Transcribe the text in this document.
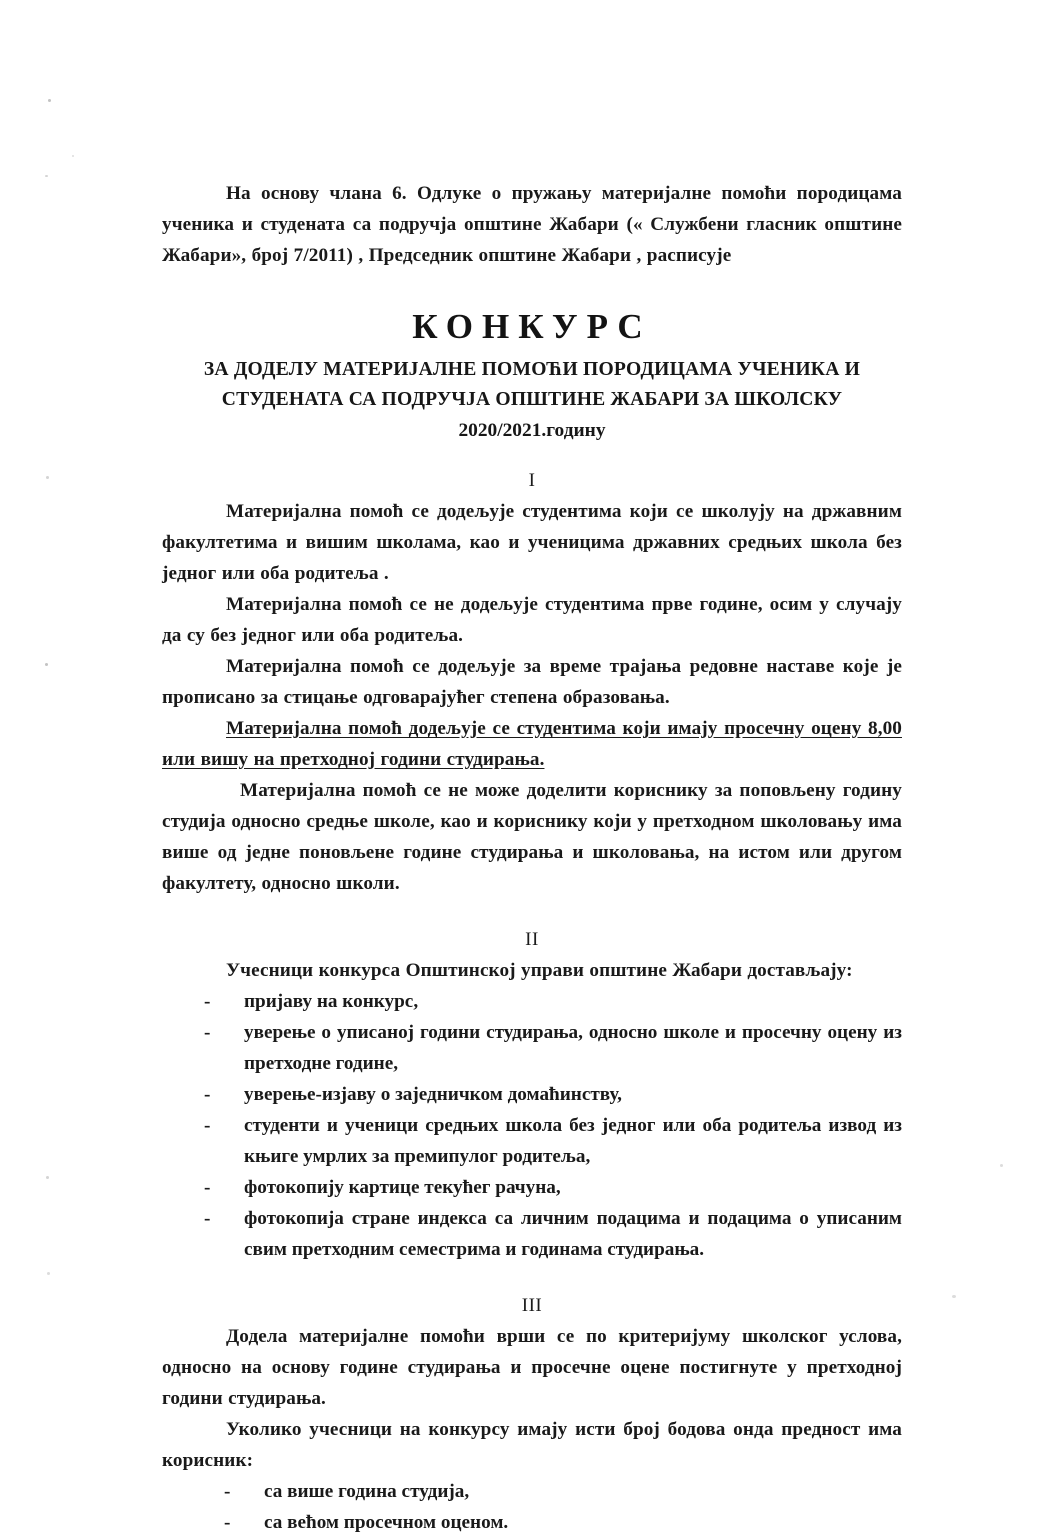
На основу члана 6. Одлуке о пружању материјалне помоћи породицама ученика и студената са подручја општине Жабари (« Службени гласник општине Жабари», број 7/2011) , Председник општине Жабари , расписује

КОНКУРС
ЗА ДОДЕЛУ МАТЕРИЈАЛНЕ ПОМОЋИ ПОРОДИЦАМА УЧЕНИКА И
СТУДЕНАТА СА ПОДРУЧЈА ОПШТИНЕ ЖАБАРИ ЗА ШКОЛСКУ
2020/2021.годину
I

Материјална помоћ се додељује студентима који се школују на државним факултетима и вишим школама, као и ученицима државних средњих школа без једног или оба родитеља .

Материјална помоћ се не додељује студентима прве године, осим у случају да су без једног или оба родитеља.

Материјална помоћ се додељује за време трајања редовне наставе које је прописано за стицање одговарајућег степена образовања.

Материјална помоћ додељује се студентима који имају просечну оцену 8,00 или вишу на претходној години студирања.

Материјална помоћ се не може доделити кориснику за поповљену годину студија односно средње школе, као и кориснику који у претходном школовању има више од једне поновљене године студирања и школовања, на истом или другом факултету, односно школи.

II

Учесници конкурса Општинској управи општине Жабари достављају:

- пријаву на конкурс,
- уверење о уписаној години студирања, односно школе и просечну оцену из претходне године,
- уверење-изјаву о заједничком домаћинству,
- студенти и ученици средњих школа без једног или оба родитеља извод из књиге умрлих за премипулог родитеља,
- фотокопију картице текућег рачуна,
- фотокопија стране индекса са личним подацима и подацима о уписаним свим претходним семестрима и годинама студирања.
III

Додела материјалне помоћи врши се по критеријуму школског услова, односно на основу године студирања и просечне оцене постигнуте у претходној години студирања.

Уколико учесници на конкурсу имају исти број бодова онда предност има корисник:

- са више година студија,
- са већом просечном оценом.
